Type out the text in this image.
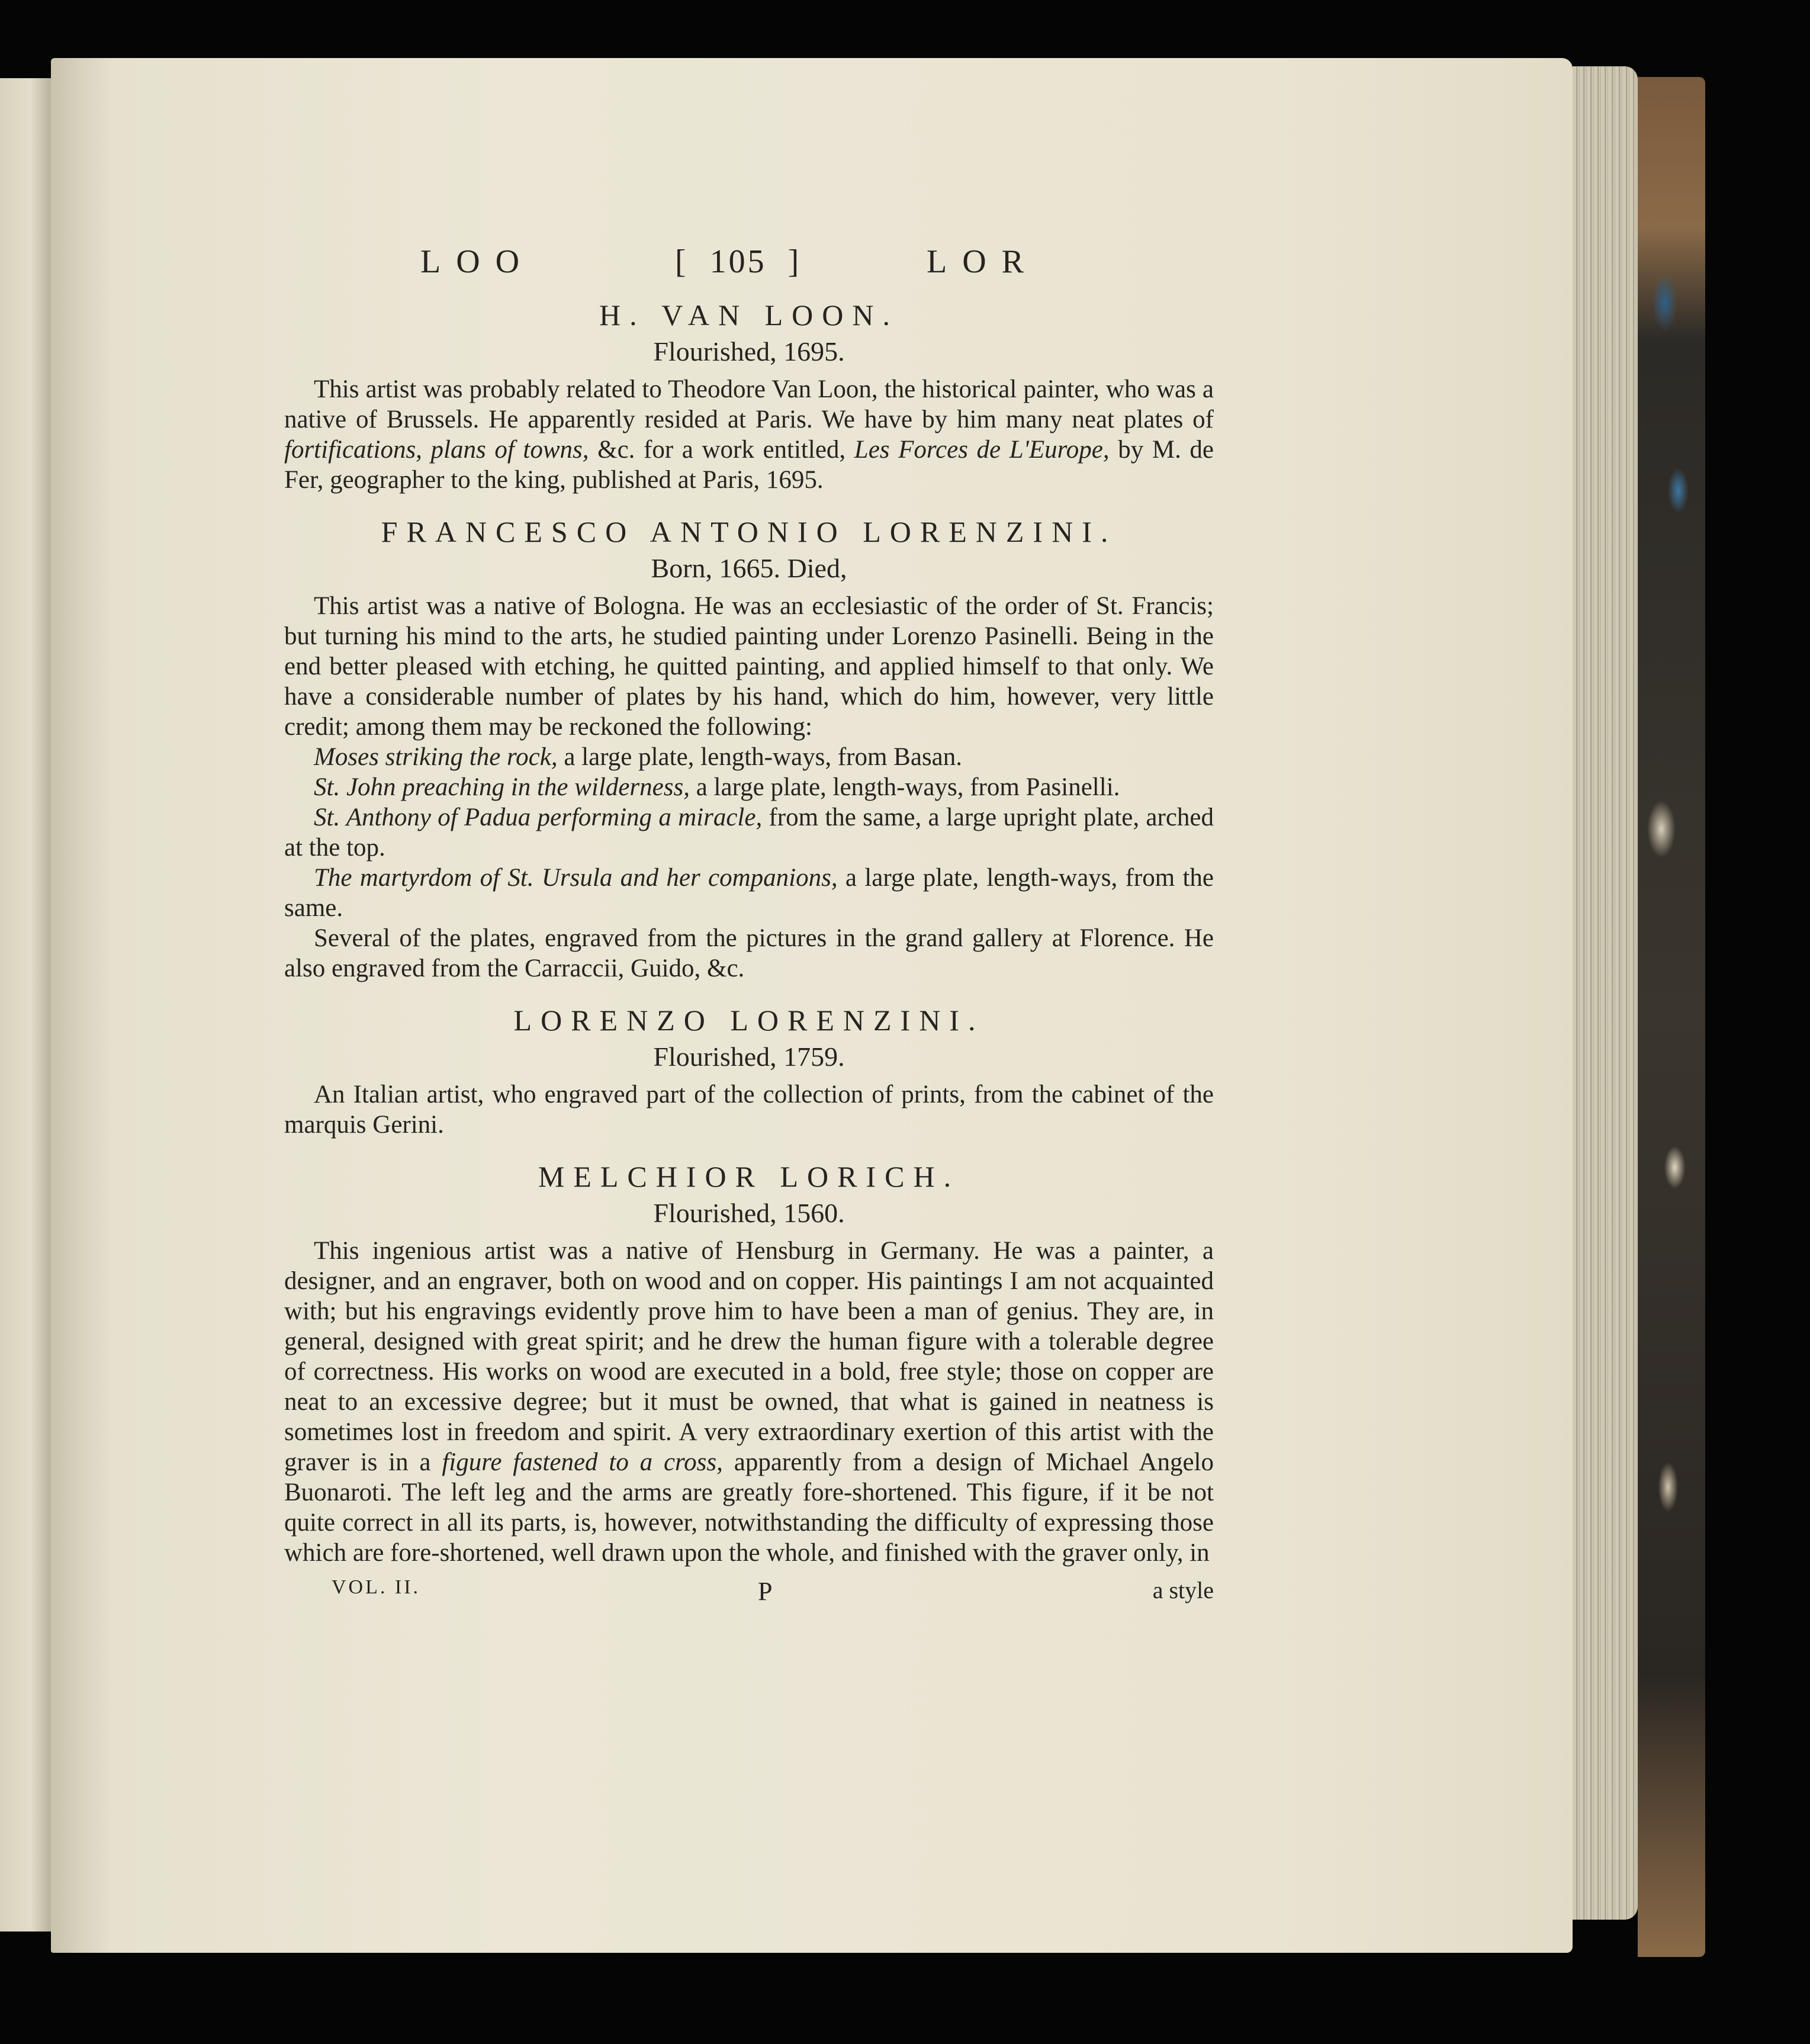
LOO	[ 105 ]	LOR
H. VAN LOON.

Flourished, 1695.

This artist was probably related to Theodore Van Loon, the historical painter, who was a native of Brussels. He apparently resided at Paris. We have by him many neat plates of fortifications, plans of towns, &c. for a work entitled, Les Forces de L'Europe, by M. de Fer, geographer to the king, published at Paris, 1695.

FRANCESCO ANTONIO LORENZINI.

Born, 1665. Died,

This artist was a native of Bologna. He was an ecclesiastic of the order of St. Francis; but turning his mind to the arts, he studied painting under Lorenzo Pasinelli. Being in the end better pleased with etching, he quitted painting, and applied himself to that only. We have a considerable number of plates by his hand, which do him, however, very little credit; among them may be reckoned the following:

Moses striking the rock, a large plate, length-ways, from Basan.

St. John preaching in the wilderness, a large plate, length-ways, from Pasinelli.

St. Anthony of Padua performing a miracle, from the same, a large upright plate, arched at the top.

The martyrdom of St. Ursula and her companions, a large plate, length-ways, from the same.

Several of the plates, engraved from the pictures in the grand gallery at Florence. He also engraved from the Carraccii, Guido, &c.

LORENZO LORENZINI.

Flourished, 1759.

An Italian artist, who engraved part of the collection of prints, from the cabinet of the marquis Gerini.

MELCHIOR LORICH.

Flourished, 1560.

This ingenious artist was a native of Hensburg in Germany. He was a painter, a designer, and an engraver, both on wood and on copper. His paintings I am not acquainted with; but his engravings evidently prove him to have been a man of genius. They are, in general, designed with great spirit; and he drew the human figure with a tolerable degree of correctness. His works on wood are executed in a bold, free style; those on copper are neat to an excessive degree; but it must be owned, that what is gained in neatness is sometimes lost in freedom and spirit. A very extraordinary exertion of this artist with the graver is in a figure fastened to a cross, apparently from a design of Michael Angelo Buonaroti. The left leg and the arms are greatly fore-shortened. This figure, if it be not quite correct in all its parts, is, however, notwithstanding the difficulty of expressing those which are fore-shortened, well drawn upon the whole, and finished with the graver only, in

VOL. II.	P	a style
